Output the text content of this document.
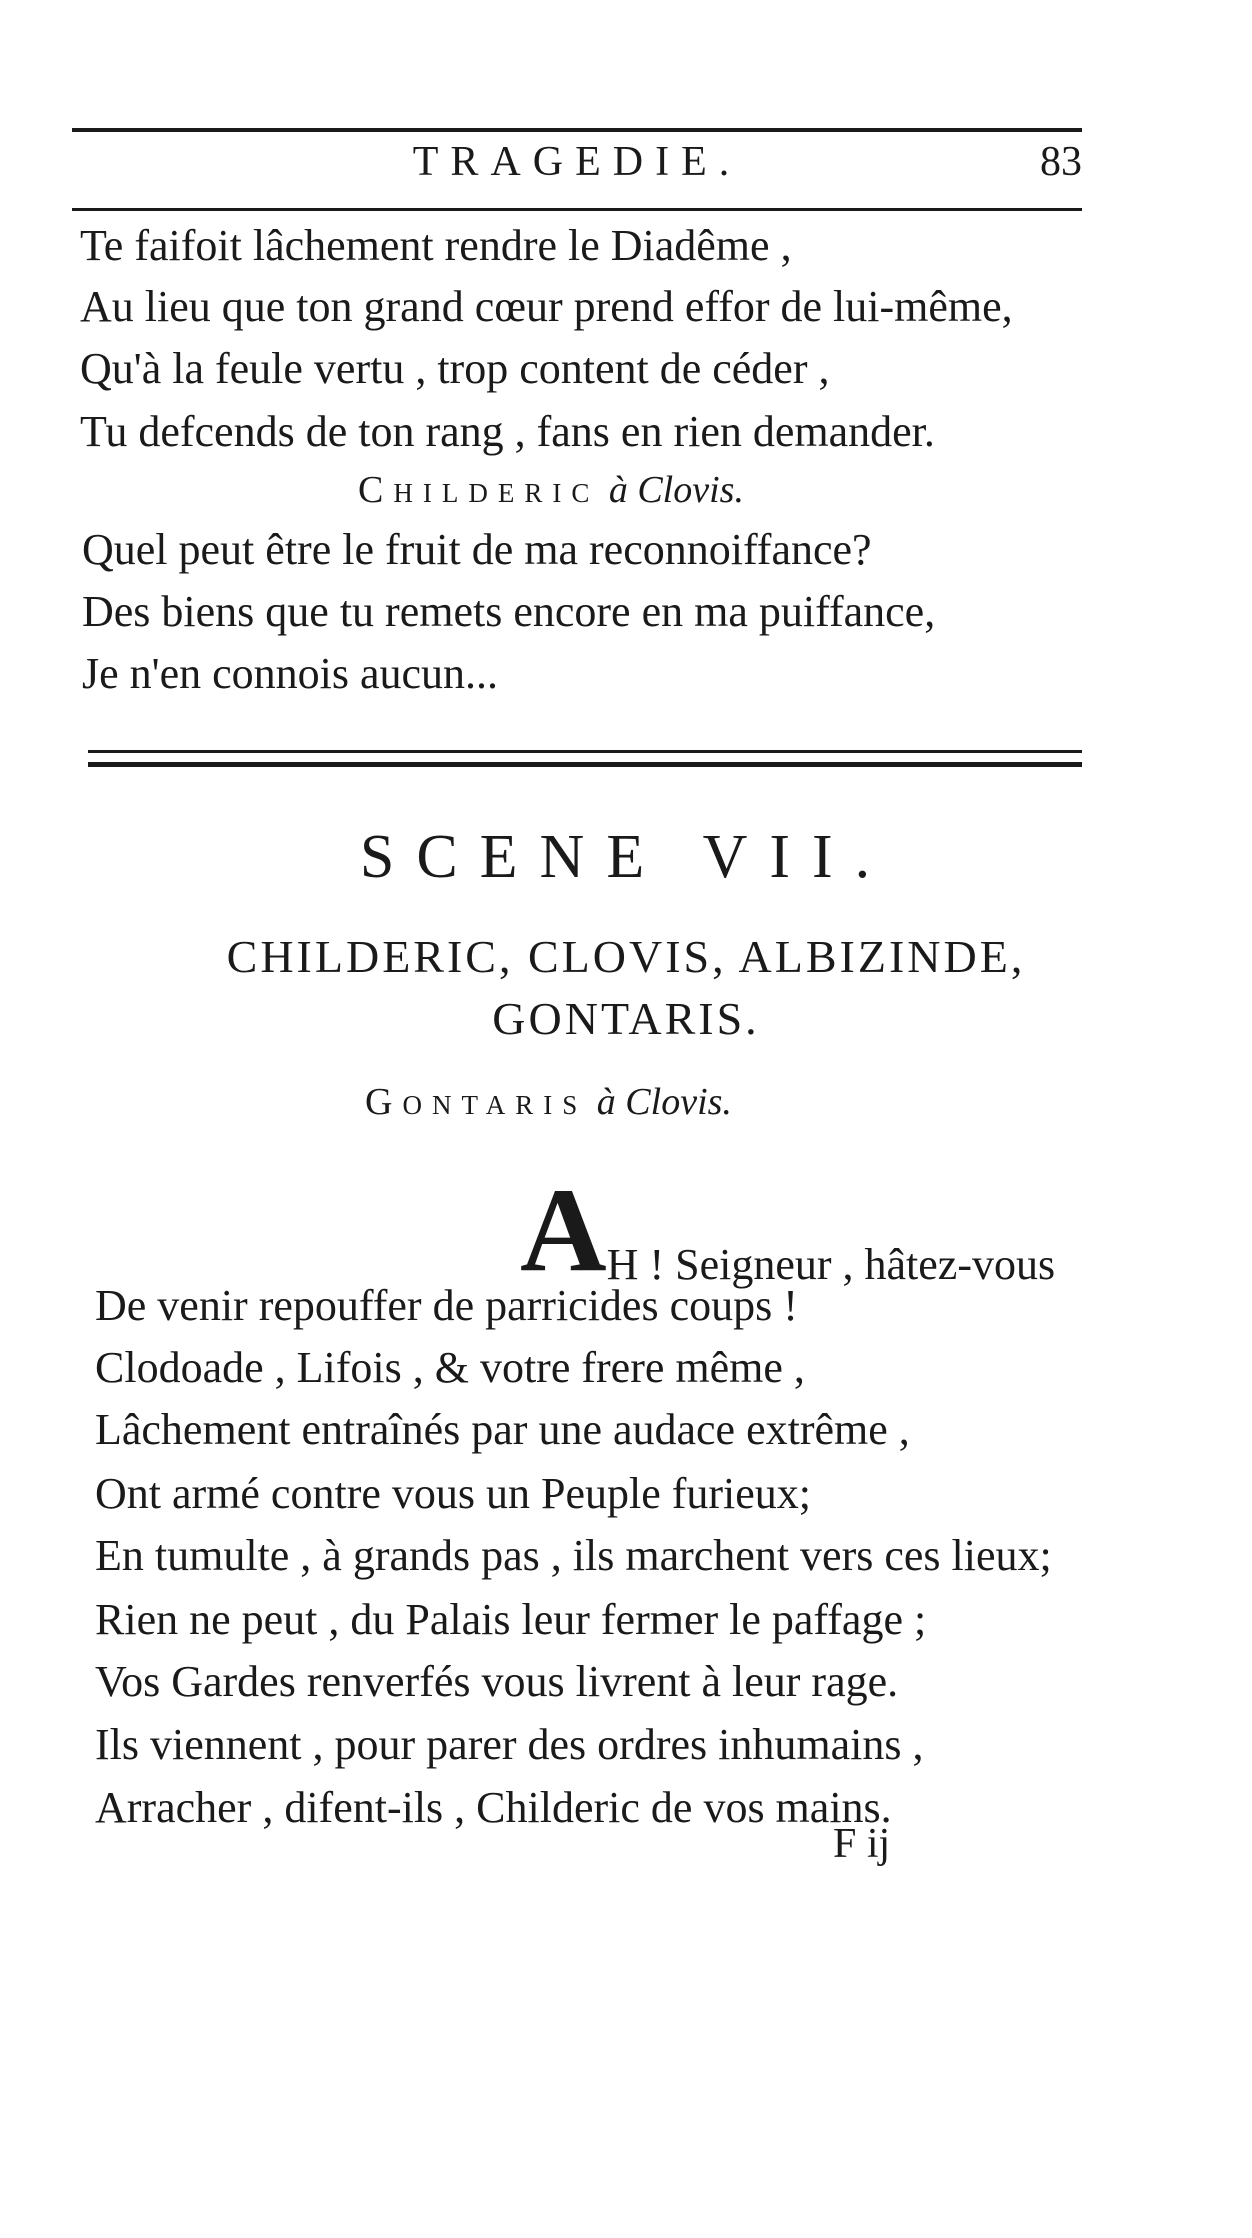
TRAGEDIE.	83
Te faifoit lâchement rendre le Diadême ,
Au lieu que ton grand cœur prend effor de lui-même,
Qu'à la feule vertu , trop content de céder ,
Tu defcends de ton rang , fans en rien demander.
Childeric à Clovis.
Quel peut être le fruit de ma reconnoiffance?
Des biens que tu remets encore en ma puiffance,
Je n'en connois aucun...
SCENE VII.
CHILDERIC, CLOVIS, ALBIZINDE,
GONTARIS.
Gontaris à Clovis.
AH ! Seigneur , hâtez-vous
De venir repouffer de parricides coups !
Clodoade , Lifois , & votre frere même ,
Lâchement entraînés par une audace extrême ,
Ont armé contre vous un Peuple furieux;
En tumulte , à grands pas , ils marchent vers ces lieux;
Rien ne peut , du Palais leur fermer le paffage ;
Vos Gardes renverfés vous livrent à leur rage.
Ils viennent , pour parer des ordres inhumains ,
Arracher , difent-ils , Childeric de vos mains.
F ij
